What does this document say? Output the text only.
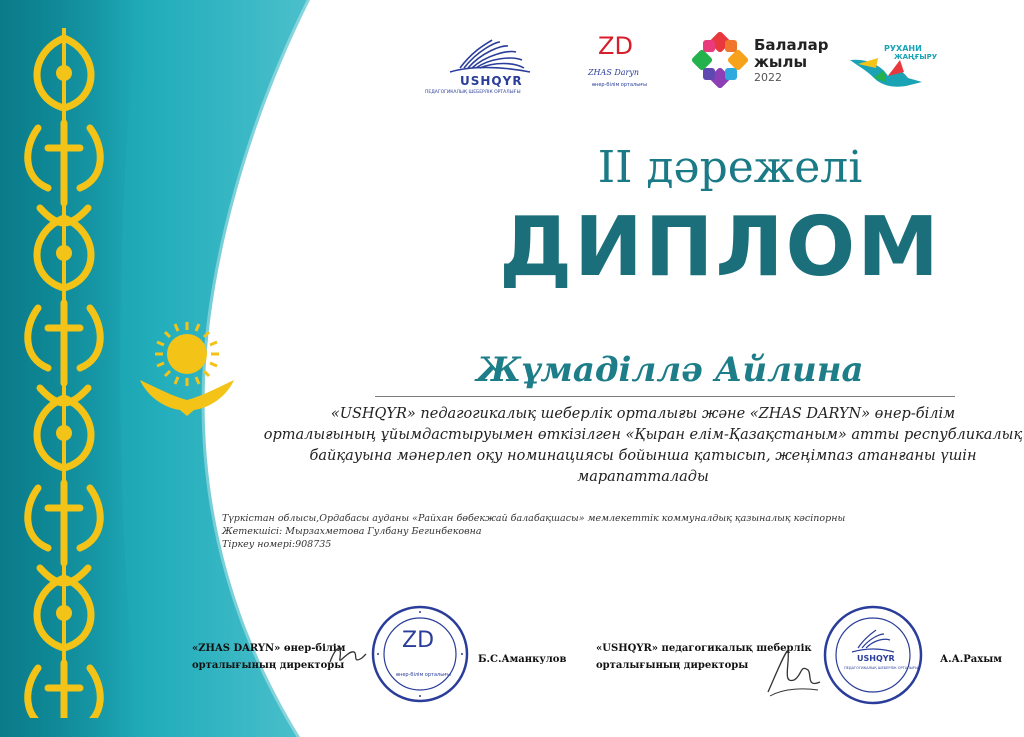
USHQYR
ПЕДАГОГИКАЛЫҚ ШЕБЕРЛІК ОРТАЛЫҒЫ
ZD
ZHAS Daryn
өнер-білім орталығы
Балалар
жылы
2022
РУХАНИ
ЖАҢҒЫРУ
II дәрежелі
ДИПЛОМ
Жұмаділлә Айлина
«USHQYR» педагогикалық шеберлік орталығы және «ZHAS DARYN» өнер-білім
орталығының ұйымдастыруымен өткізілген «Қыран елім-Қазақстаным» атты республикалық
байқауына мәнерлеп оқу номинациясы бойынша қатысып, жеңімпаз атанғаны үшін
марапатталады
Түркістан облысы,Ордабасы ауданы «Райхан бөбекжай балабақшасы» мемлекеттік коммуналдық қазыналық кәсіпорны
Жетекшісі: Мырзахметова Гулбану Бегинбековна
Тіркеу номері:908735
«ZHAS DARYN» өнер-білім
орталығының директоры
ZD
өнер-білім орталығы
Б.С.Аманкулов
«USHQYR» педагогикалық шеберлік
орталығының директоры
USHQYR
ПЕДАГОГИКАЛЫҚ ШЕБЕРЛІК ОРТАЛЫҒЫ
А.А.Рахым
